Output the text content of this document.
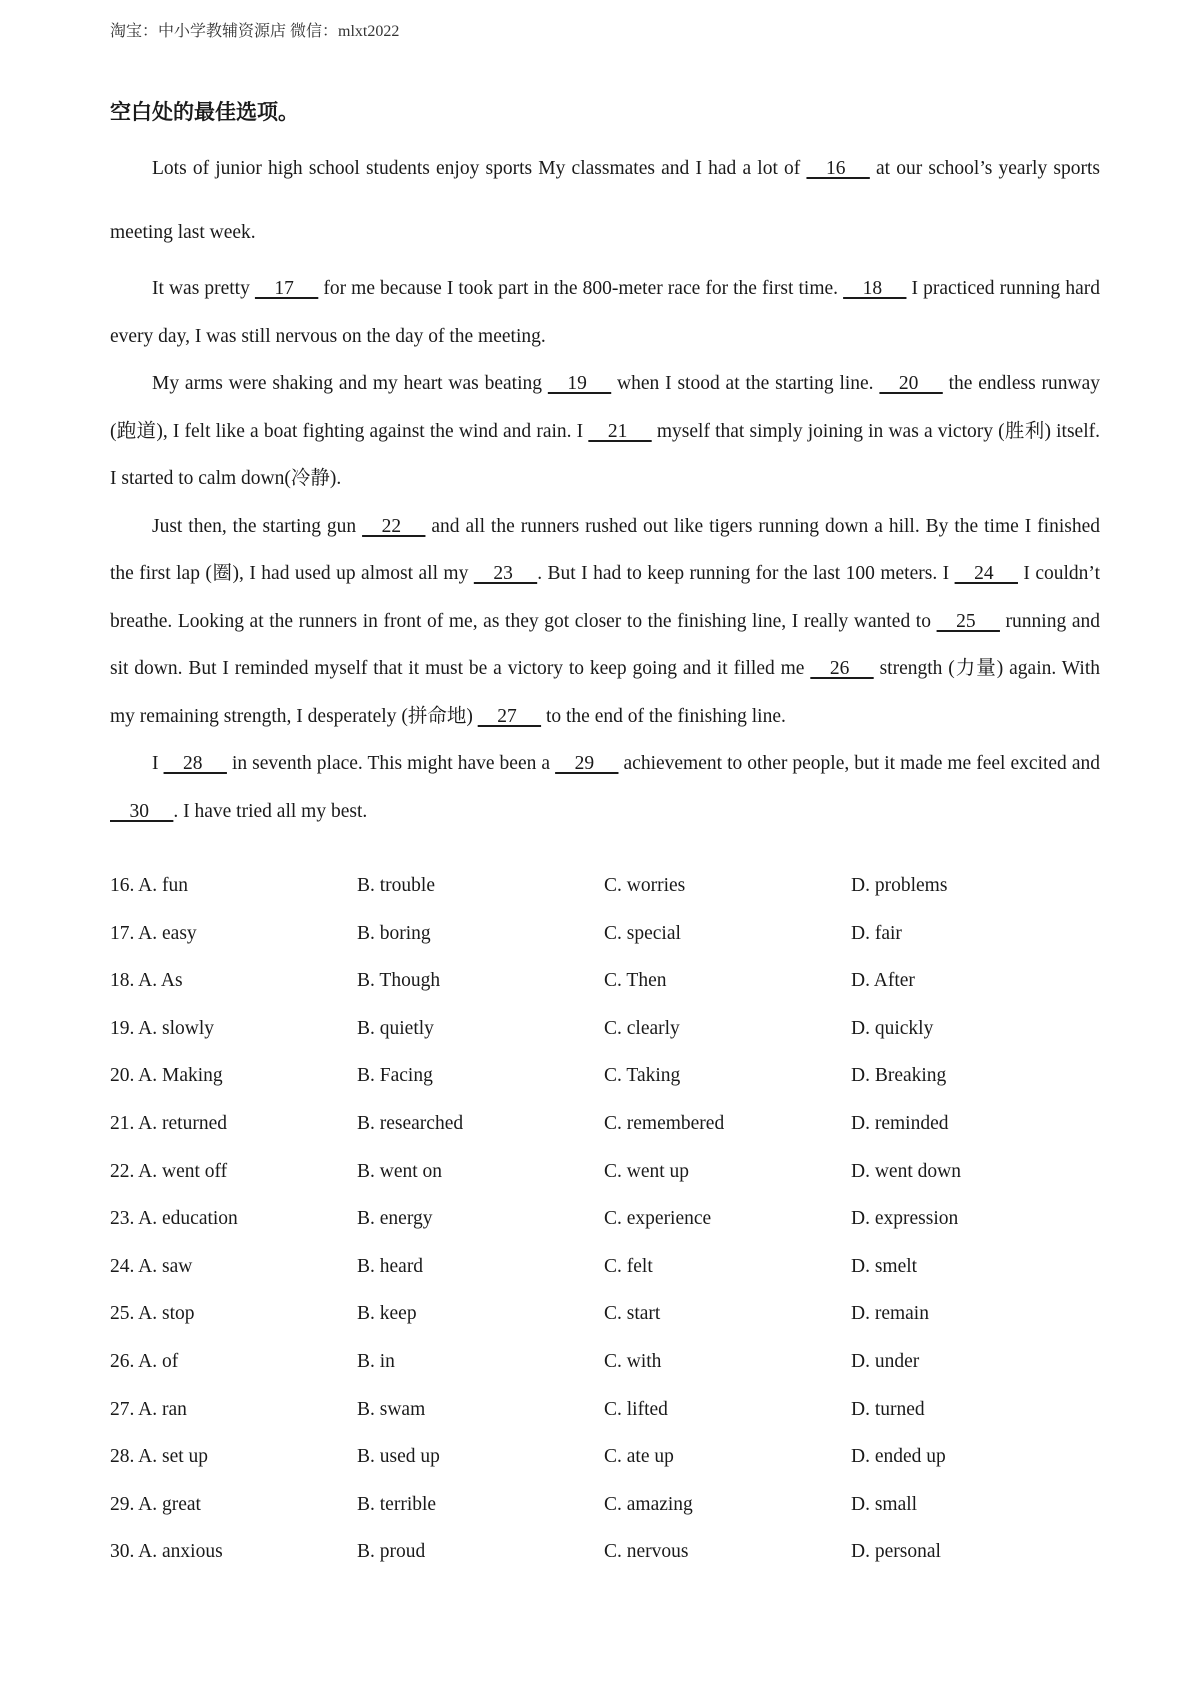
淘宝：中小学教辅资源店 微信：mlxt2022
空白处的最佳选项。

Lots of junior high school students enjoy sports My classmates and I had a lot of     16      at our school’s yearly sports meeting last week.

It was pretty     17      for me because I took part in the 800-meter race for the first time.     18      I practiced running hard every day, I was still nervous on the day of the meeting.

My arms were shaking and my heart was beating     19      when I stood at the starting line.     20      the endless runway (跑道), I felt like a boat fighting against the wind and rain. I     21      myself that simply joining in was a victory (胜利) itself. I started to calm down(冷静).

Just then, the starting gun     22      and all the runners rushed out like tigers running down a hill. By the time I finished the first lap (圈), I had used up almost all my     23     . But I had to keep running for the last 100 meters. I     24      I couldn’t breathe. Looking at the runners in front of me, as they got closer to the finishing line, I really wanted to     25      running and sit down. But I reminded myself that it must be a victory to keep going and it filled me     26      strength (力量) again. With my remaining strength, I desperately (拼命地)     27      to the end of the finishing line.

I     28      in seventh place. This might have been a     29      achievement to other people, but it made me feel excited and     30     . I have tried all my best.

16. A. fun	B. trouble	C. worries	D. problems
17. A. easy	B. boring	C. special	D. fair
18. A. As	B. Though	C. Then	D. After
19. A. slowly	B. quietly	C. clearly	D. quickly
20. A. Making	B. Facing	C. Taking	D. Breaking
21. A. returned	B. researched	C. remembered	D. reminded
22. A. went off	B. went on	C. went up	D. went down
23. A. education	B. energy	C. experience	D. expression
24. A. saw	B. heard	C. felt	D. smelt
25. A. stop	B. keep	C. start	D. remain
26. A. of	B. in	C. with	D. under
27. A. ran	B. swam	C. lifted	D. turned
28. A. set up	B. used up	C. ate up	D. ended up
29. A. great	B. terrible	C. amazing	D. small
30. A. anxious	B. proud	C. nervous	D. personal
